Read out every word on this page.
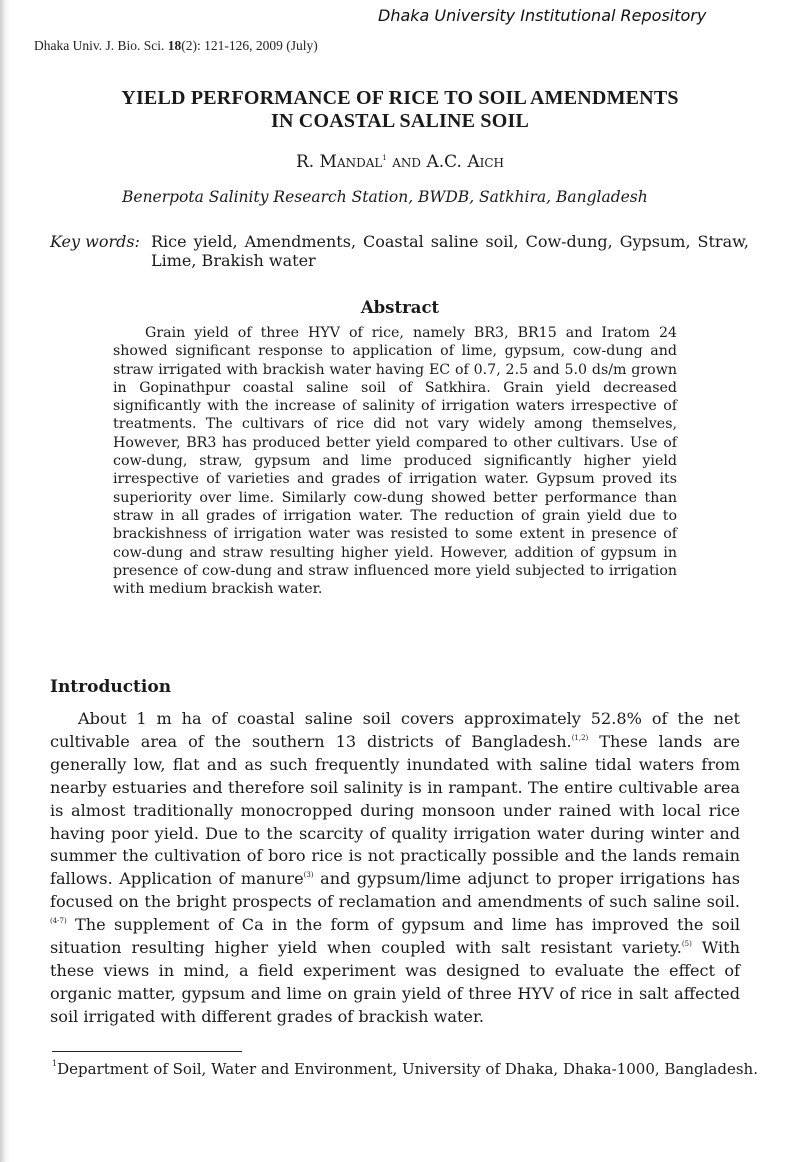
Dhaka University Institutional Repository
Dhaka Univ. J. Bio. Sci. 18(2): 121-126, 2009 (July)
YIELD PERFORMANCE OF RICE TO SOIL AMENDMENTS
IN COASTAL SALINE SOIL
R. Mandal$^1$ and A.C. Aich
Benerpota Salinity Research Station, BWDB, Satkhira, Bangladesh
Key words: Rice yield, Amendments, Coastal saline soil, Cow-dung, Gypsum, Straw, Lime, Brakish water
Abstract

Grain yield of three HYV of rice, namely BR3, BR15 and Iratom 24 showed significant response to application of lime, gypsum, cow-dung and straw irrigated with brackish water having EC of 0.7, 2.5 and 5.0 ds/m grown in Gopinathpur coastal saline soil of Satkhira. Grain yield decreased significantly with the increase of salinity of irrigation waters irrespective of treatments. The cultivars of rice did not vary widely among themselves, However, BR3 has produced better yield compared to other cultivars. Use of cow-dung, straw, gypsum and lime produced significantly higher yield irrespective of varieties and grades of irrigation water. Gypsum proved its superiority over lime. Similarly cow-dung showed better performance than straw in all grades of irrigation water. The reduction of grain yield due to brackishness of irrigation water was resisted to some extent in presence of cow-dung and straw resulting higher yield. However, addition of gypsum in presence of cow-dung and straw influenced more yield subjected to irrigation with medium brackish water.

Introduction

About 1 m ha of coastal saline soil covers approximately 52.8% of the net cultivable area of the southern 13 districts of Bangladesh.$^{(1,2)}$ These lands are generally low, flat and as such frequently inundated with saline tidal waters from nearby estuaries and therefore soil salinity is in rampant. The entire cultivable area is almost traditionally monocropped during monsoon under rained with local rice having poor yield. Due to the scarcity of quality irrigation water during winter and summer the cultivation of boro rice is not practically possible and the lands remain fallows. Application of manure$^{(3)}$ and gypsum/lime adjunct to proper irrigations has focused on the bright prospects of reclamation and amendments of such saline soil.$^{(4-7)}$ The supplement of Ca in the form of gypsum and lime has improved the soil situation resulting higher yield when coupled with salt resistant variety.$^{(5)}$ With these views in mind, a field experiment was designed to evaluate the effect of organic matter, gypsum and lime on grain yield of three HYV of rice in salt affected soil irrigated with different grades of brackish water.

$^1$Department of Soil, Water and Environment, University of Dhaka, Dhaka-1000, Bangladesh.
